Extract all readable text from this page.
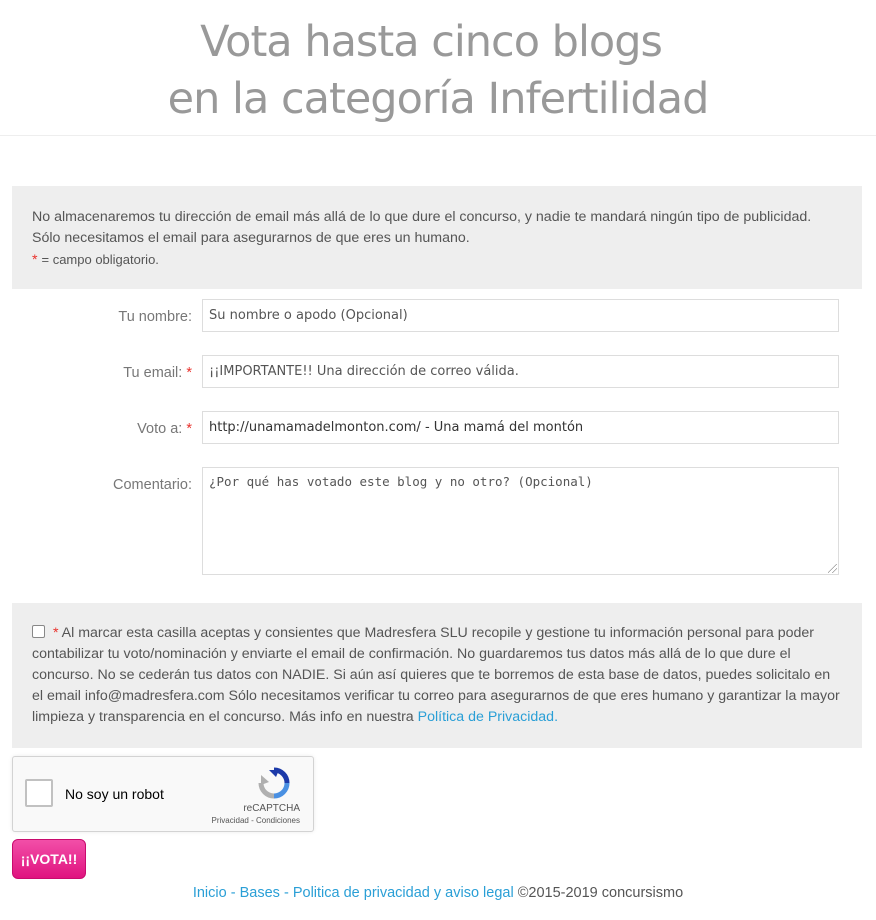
Vota hasta cinco blogs
en la categoría Infertilidad
No almacenaremos tu dirección de email más allá de lo que dure el concurso, y nadie te mandará ningún tipo de publicidad. Sólo necesitamos el email para asegurarnos de que eres un humano.
* = campo obligatorio.
Tu nombre:	Su nombre o apodo (Opcional)
Tu email: *	¡¡IMPORTANTE!! Una dirección de correo válida.
Voto a: *	http://unamamadelmonton.com/ - Una mamá del montón
Comentario:	¿Por qué has votado este blog y no otro? (Opcional)
* Al marcar esta casilla aceptas y consientes que Madresfera SLU recopile y gestione tu información personal para poder contabilizar tu voto/nominación y enviarte el email de confirmación. No guardaremos tus datos más allá de lo que dure el concurso. No se cederán tus datos con NADIE. Si aún así quieres que te borremos de esta base de datos, puedes solicitalo en el email info@madresfera.com Sólo necesitamos verificar tu correo para asegurarnos de que eres humano y garantizar la mayor limpieza y transparencia en el concurso. Más info en nuestra Política de Privacidad.
No soy un robot
reCAPTCHA
Privacidad - Condiciones
¡¡VOTA!!
Inicio - Bases - Politica de privacidad y aviso legal ©2015-2019 concursismo
